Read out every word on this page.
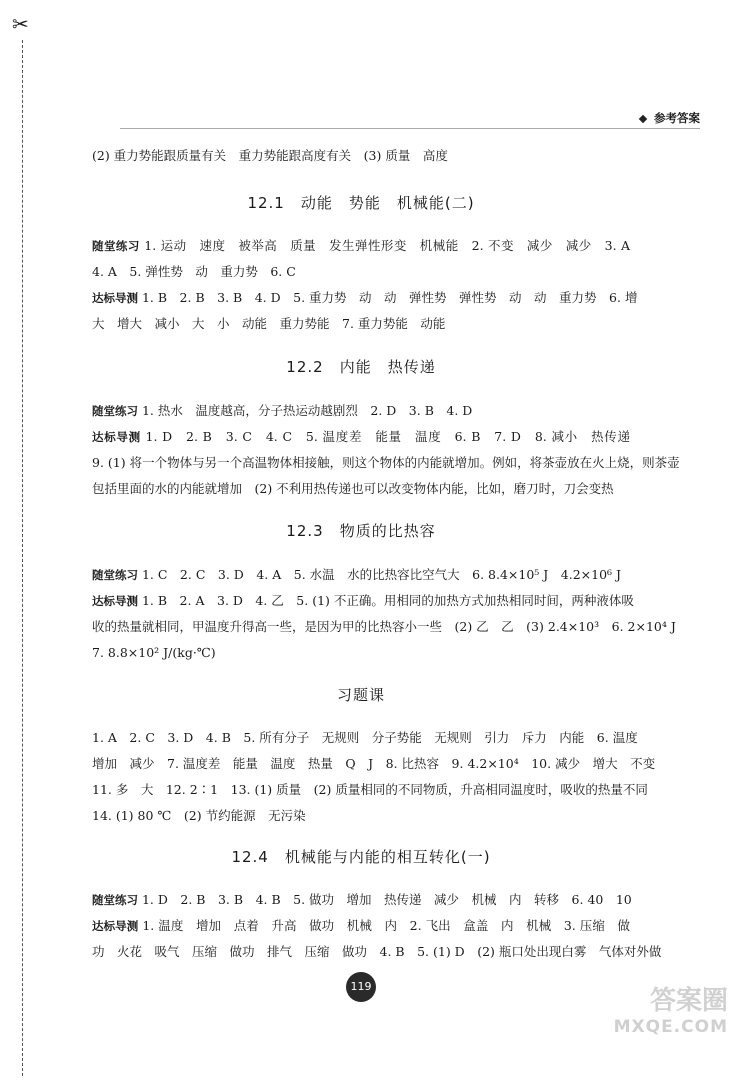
✂
参考答案
(2) 重力势能跟质量有关　重力势能跟高度有关　(3) 质量　高度
12.1　动能　势能　机械能(二)
随堂练习 1. 运动　速度　被举高　质量　发生弹性形变　机械能　2. 不变　减少　减少　3. A
4. A　5. 弹性势　动　重力势　6. C
达标导测 1. B　2. B　3. B　4. D　5. 重力势　动　动　弹性势　弹性势　动　动　重力势　6. 增
大　增大　减小　大　小　动能　重力势能　7. 重力势能　动能
12.2　内能　热传递
随堂练习 1. 热水　温度越高，分子热运动越剧烈　2. D　3. B　4. D
达标导测 1. D　2. B　3. C　4. C　5. 温度差　能量　温度　6. B　7. D　8. 减小　热传递
9. (1) 将一个物体与另一个高温物体相接触，则这个物体的内能就增加。例如，将茶壶放在火上烧，则茶壶
包括里面的水的内能就增加　(2) 不利用热传递也可以改变物体内能，比如，磨刀时，刀会变热
12.3　物质的比热容
随堂练习 1. C　2. C　3. D　4. A　5. 水温　水的比热容比空气大　6. 8.4×10⁵ J　4.2×10⁶ J
达标导测 1. B　2. A　3. D　4. 乙　5. (1) 不正确。用相同的加热方式加热相同时间，两种液体吸
收的热量就相同，甲温度升得高一些，是因为甲的比热容小一些　(2) 乙　乙　(3) 2.4×10³　6. 2×10⁴ J
7. 8.8×10² J/(kg·℃)
习题课
1. A　2. C　3. D　4. B　5. 所有分子　无规则　分子势能　无规则　引力　斥力　内能　6. 温度
增加　减少　7. 温度差　能量　温度　热量　Q　J　8. 比热容　9. 4.2×10⁴　10. 减少　增大　不变
11. 多　大　12. 2∶1　13. (1) 质量　(2) 质量相同的不同物质，升高相同温度时，吸收的热量不同
14. (1) 80 ℃　(2) 节约能源　无污染
12.4　机械能与内能的相互转化(一)
随堂练习 1. D　2. B　3. B　4. B　5. 做功　增加　热传递　减少　机械　内　转移　6. 40　10
达标导测 1. 温度　增加　点着　升高　做功　机械　内　2. 飞出　盒盖　内　机械　3. 压缩　做
功　火花　吸气　压缩　做功　排气　压缩　做功　4. B　5. (1) D　(2) 瓶口处出现白雾　气体对外做
119	答案圈
MXQE.COM
